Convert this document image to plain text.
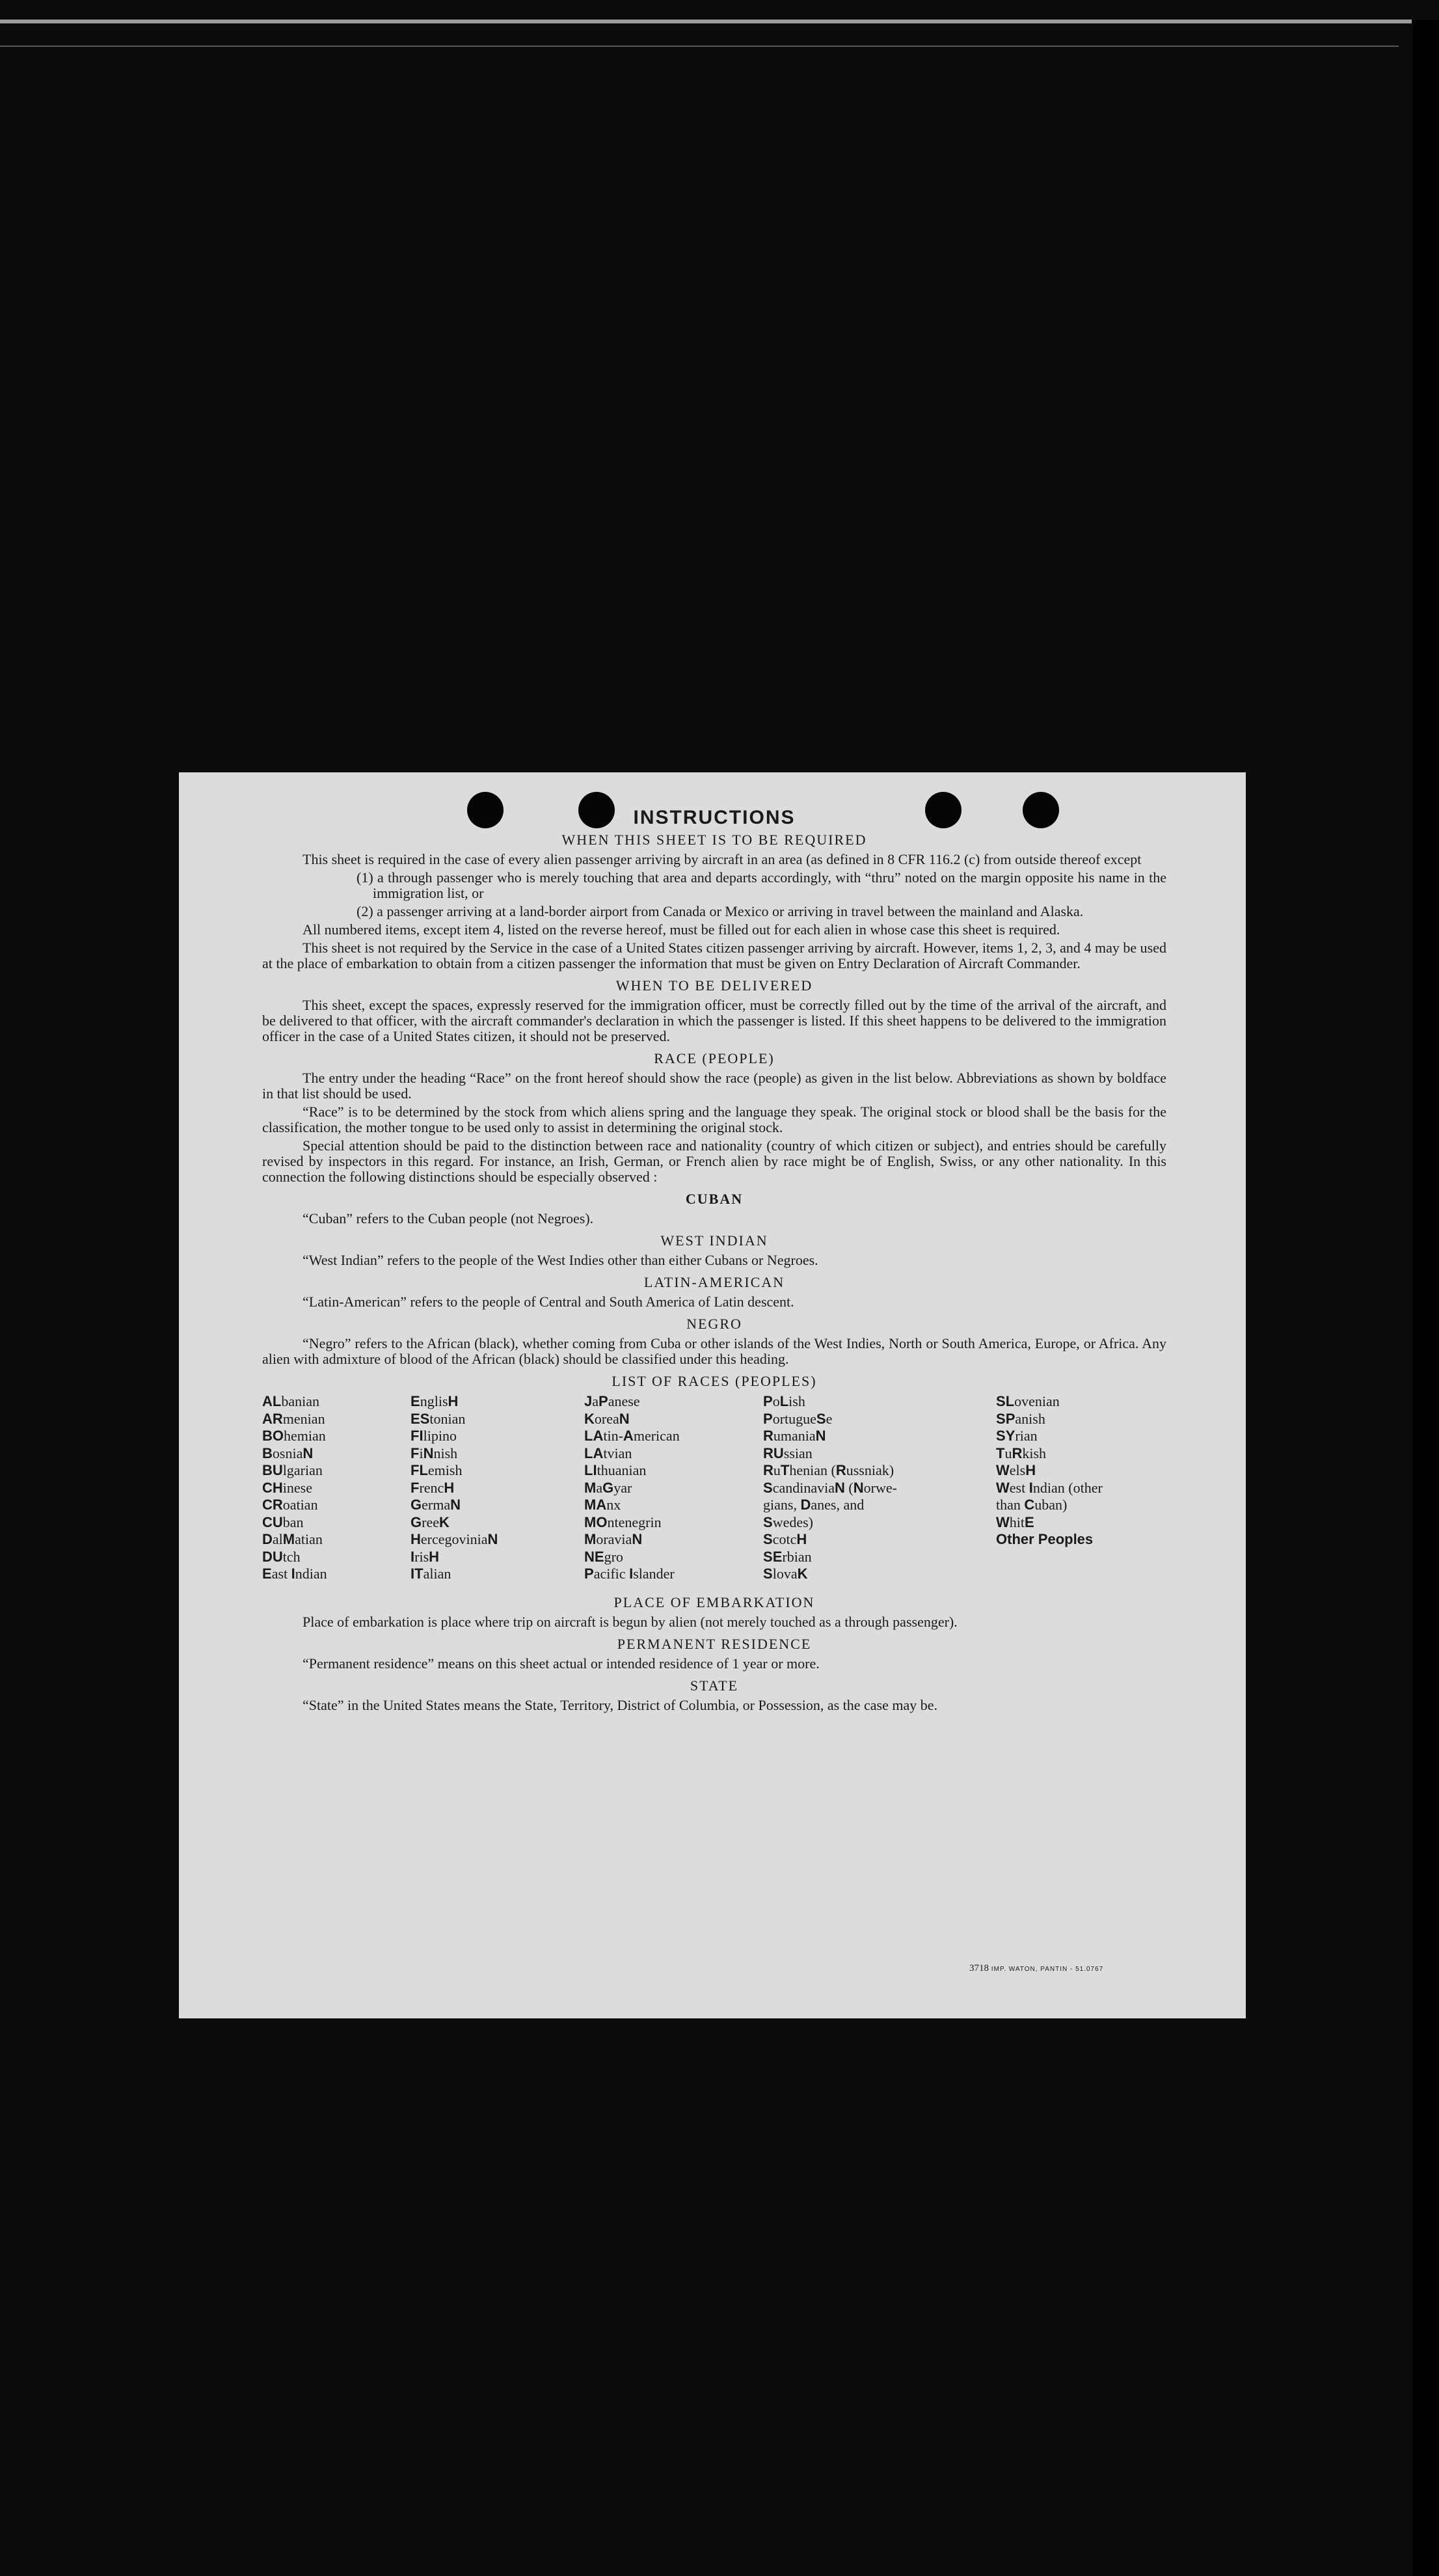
INSTRUCTIONS
WHEN THIS SHEET IS TO BE REQUIRED

This sheet is required in the case of every alien passenger arriving by aircraft in an area (as defined in 8 CFR 116.2 (c) from outside thereof except

(1) a through passenger who is merely touching that area and departs accordingly, with “thru” noted on the margin opposite his name in the immigration list, or
(2) a passenger arriving at a land-border airport from Canada or Mexico or arriving in travel between the mainland and Alaska.

All numbered items, except item 4, listed on the reverse hereof, must be filled out for each alien in whose case this sheet is required.

This sheet is not required by the Service in the case of a United States citizen passenger arriving by aircraft. However, items 1, 2, 3, and 4 may be used at the place of embarkation to obtain from a citizen passenger the information that must be given on Entry Declaration of Aircraft Commander.

WHEN TO BE DELIVERED

This sheet, except the spaces, expressly reserved for the immigration officer, must be correctly filled out by the time of the arrival of the aircraft, and be delivered to that officer, with the aircraft commander's declaration in which the passenger is listed. If this sheet happens to be delivered to the immigration officer in the case of a United States citizen, it should not be preserved.

RACE (PEOPLE)

The entry under the heading “Race” on the front hereof should show the race (people) as given in the list below. Abbreviations as shown by boldface in that list should be used.

“Race” is to be determined by the stock from which aliens spring and the language they speak. The original stock or blood shall be the basis for the classification, the mother tongue to be used only to assist in determining the original stock.

Special attention should be paid to the distinction between race and nationality (country of which citizen or subject), and entries should be carefully revised by inspectors in this regard. For instance, an Irish, German, or French alien by race might be of English, Swiss, or any other nationality. In this connection the following distinctions should be especially observed :

CUBAN

“Cuban” refers to the Cuban people (not Negroes).

WEST INDIAN

“West Indian” refers to the people of the West Indies other than either Cubans or Negroes.

LATIN-AMERICAN

“Latin-American” refers to the people of Central and South America of Latin descent.

NEGRO

“Negro” refers to the African (black), whether coming from Cuba or other islands of the West Indies, North or South America, Europe, or Africa. Any alien with admixture of blood of the African (black) should be classified under this heading.

LIST OF RACES (PEOPLES)
ALbanian
ARmenian
BOhemian
BosniaN
BUlgarian
CHinese
CRoatian
CUban
DalMatian
DUtch
East Indian
EnglisH
EStonian
FIlipino
FiNnish
FLemish
FrencH
GermaN
GreeK
HercegoviniaN
IrisH
ITalian
JaPanese
KoreaN
LAtin-American
LAtvian
LIthuanian
MaGyar
MAnx
MOntenegrin
MoraviaN
NEgro
Pacific Islander
PoLish
PortugueSe
RumaniaN
RUssian
RuThenian (Russniak)
ScandinaviaN (Norwe-
gians, Danes, and
Swedes)
ScotcH
SErbian
SlovaK
SLovenian
SPanish
SYrian
TuRkish
WelsH
West Indian (other
than Cuban)
WhitE
Other Peoples
PLACE OF EMBARKATION

Place of embarkation is place where trip on aircraft is begun by alien (not merely touched as a through passenger).

PERMANENT RESIDENCE

“Permanent residence” means on this sheet actual or intended residence of 1 year or more.

STATE

“State” in the United States means the State, Territory, District of Columbia, or Possession, as the case may be.

3718 IMP. WATON, PANTIN - 51.0767
